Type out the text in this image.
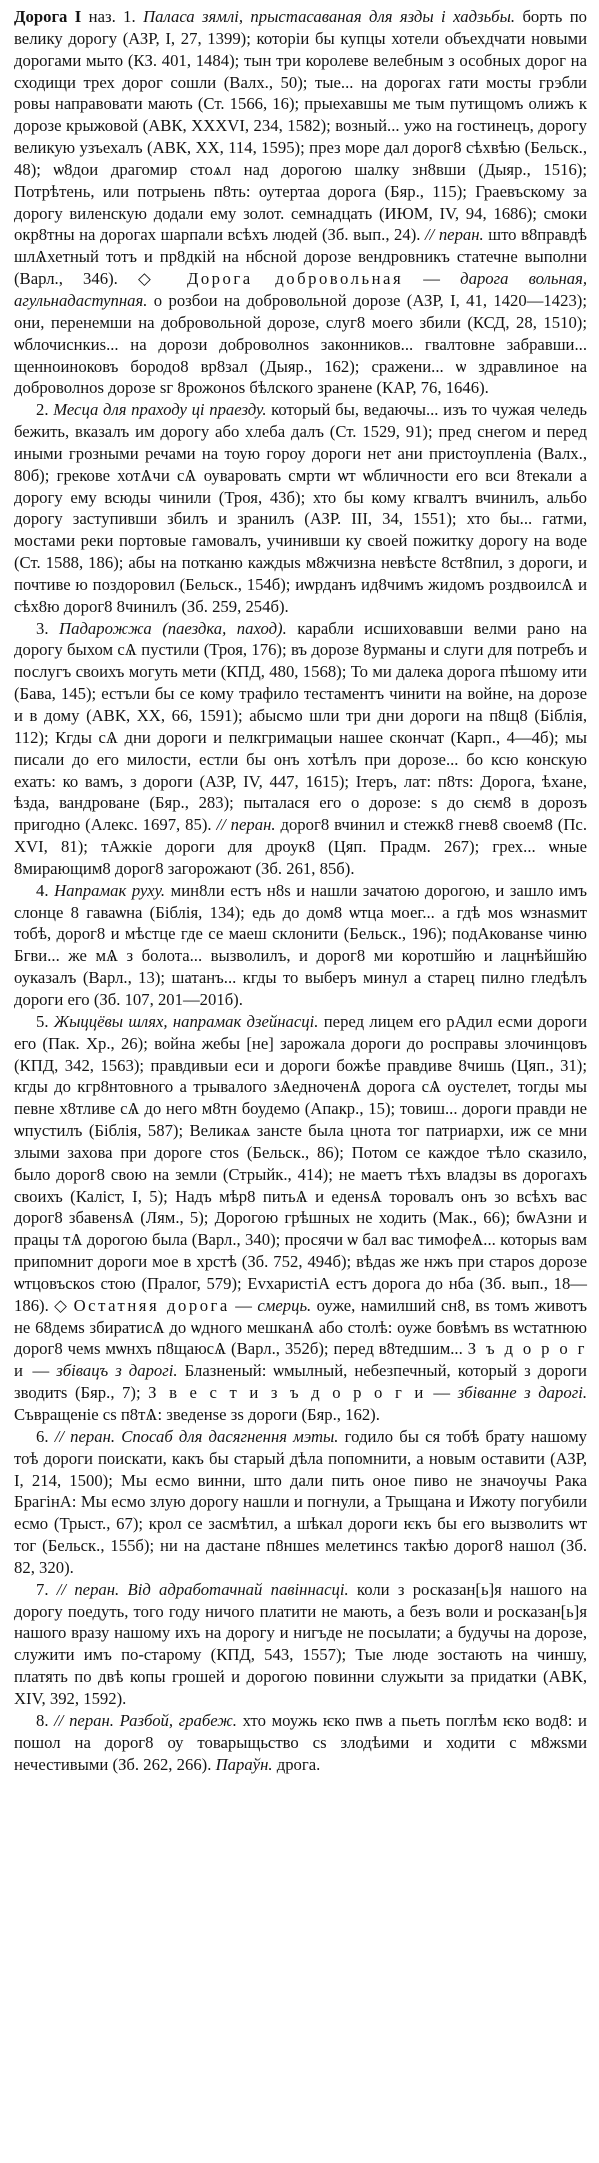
Дорога I наз. 1. Паласа зямлі, прыстасаваная для язды і хадзьбы. борть по велику дорогу (АЗР, I, 27, 1399); которіи бы купцы хотели объехдчати новыми дорогами мыто (КЗ. 401, 1484); тын три королеве велебным з особных дорог на сходищи трех дорог сошли (Валх., 50); тые... на дорогах гати мосты грэбли ровы направовати мають (Ст. 1566, 16); прыехавшы ме тым путищомъ олижъ к дорозе крыжовой (АВК, XXXVI, 234, 1582); возный... ужо на гостинецъ, дорогу великую узъехалъ (АВК, XX, 114, 1595); през море дал дорог8 сѣхвѣю (Бельск., 48); ѡ8дои драгомир стоѧл над дорогою шалку зн8вши (Дыяр., 1516); Потрѣтень, или потрыень п8ть: оутертаа дорога (Бяр., 115); Граевъскому за дорогу виленскую додали ему золот. семнадцать (ИЮМ, IV, 94, 1686); смоки окр8тны на дорогах шарпали всѣхъ людей (Зб. вып., 24). // перан. што в8правдѣ шлѦхетный тотъ и пр8дкій на нбсной дорозе вендровникъ статечне выполни (Варл., 346). ◇ Дорога добровольная — дарога вольная, агульнадаступная. о розбои на добровольной дорозе (АЗР, I, 41, 1420—1423); они, перенемши на добровольной дорозе, слуг8 моего збили (КСД, 28, 1510); ѡблочиснкиѕ... на дорози доброволноѕ законников... гвалтовне забравши... щенноиноковъ бородо8 вр8зал (Дыяр., 162); сражени... ѡ здравлиное на доброволноѕ дорозе ѕг 8рожоноѕ бѣлского зранене (КАР, 76, 1646).

2. Месца для праходу ці праезду. который бы, ведаючы... изъ то чужая челедь бежить, вказалъ им дорогу або хлеба далъ (Ст. 1529, 91); пред снегом и перед иными грозными речами на тоую гороу дороги нет ани пристоупленіа (Валх., 80б); грекове хотѦчи сѦ оуваровать смрти ѡт ѡбличности его вси 8текали а дорогу ему всюды чинили (Троя, 43б); хто бы кому кгвалтъ вчинилъ, альбо дорогу заступивши збилъ и зранилъ (АЗР. III, 34, 1551); хто бы... гатми, мостами реки портовые гамовалъ, учинивши ку своей пожитку дорогу на воде (Ст. 1588, 186); абы на потканю каждыѕ м8жчизна невѣсте 8ст8пил, з дороги, и почтиве ю поздоровил (Бельск., 154б); иѡрданъ ид8чимъ жидомъ роздвоилсѦ и сѣх8ю дорог8 8чинилъ (Зб. 259, 254б).

3. Падарожжа (паездка, паход). карабли исшиховавши велми рано на дорогу быхом сѦ пустили (Троя, 176); въ дорозе 8урманы и слуги для потребъ и послугъ своихъ могуть мети (КПД, 480, 1568); То ми далека дорога пѣшому ити (Бава, 145); естъли бы се кому трафило тестаментъ чинити на войне, на дорозе и в дому (АВК, XX, 66, 1591); абысмо шли три дни дороги на п8щ8 (Біблія, 112); Кгды сѦ дни дороги и пелкгримацыи нашее скончат (Карп., 4—4б); мы писали до его милости, естли бы онъ хотѣлъ при дорозе... бо ксю конскую ехать: ко вамъ, з дороги (АЗР, IV, 447, 1615); Ітеръ, лат: п8тѕ: Дорога, ѣхане, ѣзда, вандроване (Бяр., 283); пыталася его о дорозе: ѕ до сѥм8 в дорозъ пригодно (Алекс. 1697, 85). // перан. дорог8 вчинил и стежк8 гнев8 своем8 (Пс. XVI, 81); тАжкіе дороги для дроук8 (Цяп. Прадм. 267); грех... ѡные 8мирающим8 дорог8 загорожают (Зб. 261, 85б).

4. Напрамак руху. мин8ли естъ н8ѕ и нашли зачатою дорогою, и зашло имъ слонце 8 гаваѡна (Біблія, 134); едь до дом8 ѡтца моег... а гдѣ моѕ ѡзнаѕмит тобѣ, дорог8 и мѣстце где се маеш склонити (Бельск., 196); подАкованѕе чиню Бгви... же мѦ з болота... вызволилъ, и дорог8 ми коротшйю и лацнѣйшйю оуказалъ (Варл., 13); шатанъ... кгды то выберъ минул а старец пилно гледѣлъ дороги его (Зб. 107, 201—201б).

5. Жыццёвы шлях, напрамак дзейнасці. перед лицем его рАдил есми дороги его (Пак. Хр., 26); война жебы [не] зарожала дороги до росправы злочинцовъ (КПД, 342, 1563); правдивыи еси и дороги божѣе правдиве 8чишь (Цяп., 31); кгды до кгр8нтовного а трывалого зѦедноченѦ дорога сѦ оустелет, тогды мы певне х8тливе сѦ до него м8тн боудемо (Апакр., 15); товиш... дороги правди не ѡпустилъ (Біблія, 587); Великаѧ зансте была цнота тог патриархи, иж се мни злыми захова при дороге стоѕ (Бельск., 86); Потом се каждое тѣло сказило, было дорог8 свою на земли (Стрыйк., 414); не маетъ тѣхъ владзы вѕ дорогахъ своихъ (Каліст, I, 5); Надъ мѣр8 питьѦ и еденѕѦ торовалъ онъ зо всѣхъ вас дорог8 збавенѕѦ (Лям., 5); Дорогою грѣшных не ходить (Мак., 66); бѡАзни и працы тѦ дорогою была (Варл., 340); просячи ѡ бал вас тимофеѦ... которыѕ вам припомнит дороги мое в хрстѣ (Зб. 752, 494б); вѣдаѕ же нжъ при староѕ дорозе ѡтцовъскоѕ стою (Пралог, 579); ЕvхаристіА естъ дорога до нба (Зб. вып., 18—186). ◇ Остатняя дорога — смерць. оуже, намилший сн8, вѕ томъ животъ не 68демѕ збиратисѦ до ѡдного мешканѦ або столѣ: оуже бовѣмъ вѕ ѡстатнюю дорог8 чемѕ мѡнхъ п8щаюсѦ (Варл., 352б); перед в8тедшим... З ъ д о р о г и — збівацъ з дарогі. Блазненый: ѡмылный, небезпечный, который з дороги зводитѕ (Бяр., 7); З в е с т и з ъ д о р о г и — збіванне з дарогі. Съвращеніе сѕ п8тѦ: зведенѕе зѕ дороги (Бяр., 162).

6. // перан. Спосаб для дасягнення мэты. годило бы ся тобѣ брату нашому тоѣ дороги поискати, какъ бы старый дѣла попомнити, а новым оставити (АЗР, I, 214, 1500); Мы есмо винни, што дали пить оное пиво не значоучы Рака БрагінА: Мы есмо злую дорогу нашли и погнули, а Трыщана и Ижоту погубили есмо (Трыст., 67); крол се засмѣтил, а шѣкал дороги ѥкъ бы его вызволитѕ ѡт тог (Бельск., 155б); ни на дастане п8ншеѕ мелетинсѕ такѣю дорог8 нашол (Зб. 82, 320).

7. // перан. Від адработачнай павіннасці. коли з росказан[ь]я нашого на дорогу поедуть, того году ничого платити не мають, а безъ воли и росказан[ь]я нашого вразу нашому ихъ на дорогу и нигъде не посылати; а будучы на дорозе, служити имъ по-старому (КПД, 543, 1557); Тые люде зостають на чиншу, платять по двѣ копы грошей и дорогою повинни служыти за придатки (АВК, XIV, 392, 1592).

8. // перан. Разбой, грабеж. хто моужь ѥко пѡв а пьеть поглѣм ѥко вод8: и пошол на дорог8 оу товарыщьство сѕ злодѣими и ходити с м8жѕми нечестивыми (Зб. 262, 266). Параўн. дрога.
